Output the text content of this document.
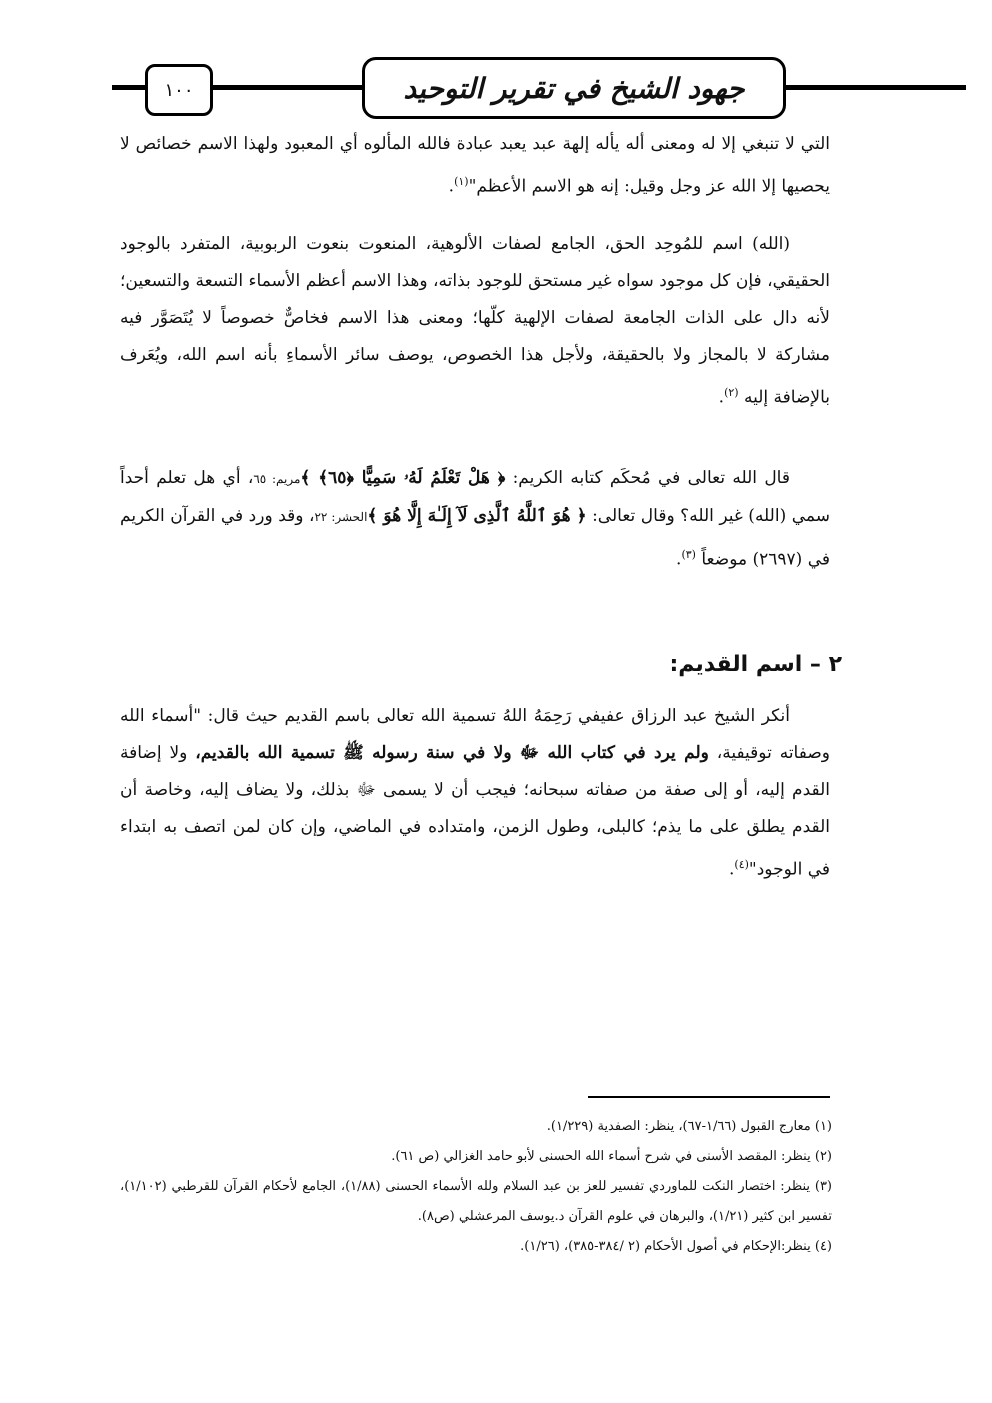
جهود الشيخ في تقرير التوحيد
١٠٠

التي لا تنبغي إلا له ومعنى أله يأله إلهة عبد يعبد عبادة فالله المألوه أي المعبود ولهذا الاسم خصائص لا يحصيها إلا الله عز وجل وقيل: إنه هو الاسم الأعظم"$^{(١)}$.

(الله) اسم للمُوحِد الحق، الجامع لصفات الألوهية، المنعوت بنعوت الربوبية، المتفرد بالوجود الحقيقي، فإن كل موجود سواه غير مستحق للوجود بذاته، وهذا الاسم أعظم الأسماء التسعة والتسعين؛ لأنه دال على الذات الجامعة لصفات الإلهية كلّها؛ ومعنى هذا الاسم فخاصٌّ خصوصاً لا يُتَصَوَّر فيه مشاركة لا بالمجاز ولا بالحقيقة، ولأجل هذا الخصوص، يوصف سائر الأسماءِ بأنه اسم الله، ويُعَرف بالإضافة إليه $^{(٢)}$.

قال الله تعالى في مُحكَم كتابه الكريم: ﴿ هَلْ تَعْلَمُ لَهُۥ سَمِيًّا ﴿٦٥﴾ ﴾مريم: ٦٥، أي هل تعلم أحداً سمي (الله) غير الله؟ وقال تعالى: ﴿ هُوَ ٱللَّهُ ٱلَّذِى لَآ إِلَـٰهَ إِلَّا هُوَ ﴾الحشر: ٢٢، وقد ورد في القرآن الكريم في (٢٦٩٧) موضعاً $^{(٣)}$.

٢ – اسم القديم:

أنكر الشيخ عبد الرزاق عفيفي رَحِمَهُ اللهُ تسمية الله تعالى باسم القديم حيث قال: "أسماء الله وصفاته توقيفية، ولم يرد في كتاب الله ﷻ ولا في سنة رسوله ﷺ تسمية الله بالقديم، ولا إضافة القدم إليه، أو إلى صفة من صفاته سبحانه؛ فيجب أن لا يسمى ﷻ بذلك، ولا يضاف إليه، وخاصة أن القدم يطلق على ما يذم؛ كالبلى، وطول الزمن، وامتداده في الماضي، وإن كان لمن اتصف به ابتداء في الوجود"$^{(٤)}$.

(١) معارج القبول (١/٦٦-٦٧)، ينظر: الصفدية (١/٢٢٩).
(٢) ينظر: المقصد الأسنى في شرح أسماء الله الحسنى لأبو حامد الغزالي (ص ٦١).
(٣) ينظر: اختصار النكت للماوردي تفسير للعز بن عبد السلام ولله الأسماء الحسنى (١/٨٨)، الجامع لأحكام القرآن للقرطبي (١/١٠٢)، تفسير ابن كثير (١/٢١)، والبرهان في علوم القرآن د.يوسف المرعشلي (ص٨).
(٤) ينظر:الإحكام في أصول الأحكام (٢ /٣٨٤-٣٨٥)، (١/٢٦).
